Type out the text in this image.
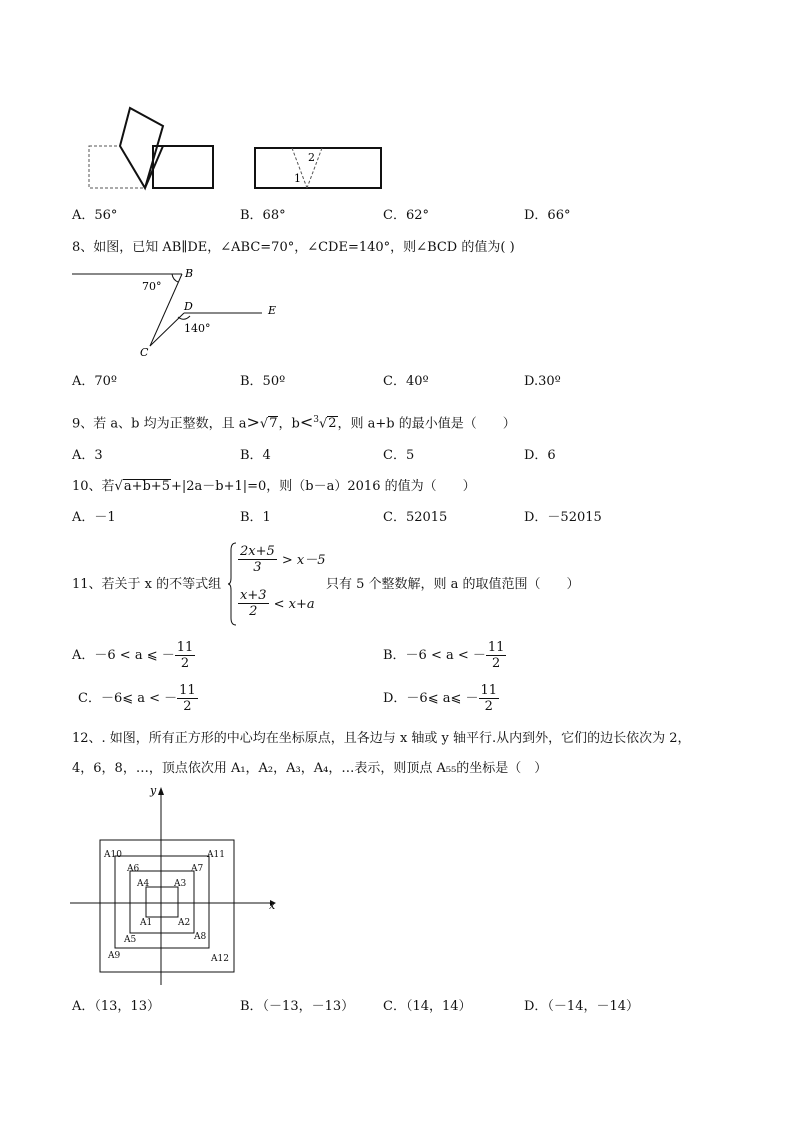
1
2
A．56°	B．68°	C．62°	D．66°
8、如图，已知 AB∥DE，∠ABC=70°，∠CDE=140°，则∠BCD 的值为( )
B
70°
D	E
140°
C
A．70º	B．50º	C．40º	D.30º
9、若 a、b 均为正整数，且 a>√7，b<$^3$√2，则 a+b 的最小值是（　　）
A．3	B．4	C．5	D．6
10、若√a+b+5+|2a－b+1|=0，则（b－a）2016 的值为（　　）
A．－1	B．1	C．52015	D．－52015
11、若关于 x 的不等式组
$\frac{2x+5}{3} > x-5$
$\frac{x+3}{2} < x+a$
只有 5 个整数解，则 a 的取值范围（　　）
A．－6 < a ⩽ － $\frac{11}{2}$	B．－6 < a < － $\frac{11}{2}$
C．－6⩽ a < － $\frac{11}{2}$	D．－6⩽ a⩽ － $\frac{11}{2}$
12、. 如图，所有正方形的中心均在坐标原点，且各边与 x 轴或 y 轴平行.从内到外，它们的边长依次为 2，
4，6，8，…，顶点依次用 A₁，A₂，A₃，A₄，…表示，则顶点 A₅₅的坐标是（　）
x
y
A10	A11
A6	A7
A4	A3
A1	A2
A5	A8
A9	A12
A．（13，13）	B．（－13，－13） C．（14，14）	D．（－14，－14）
